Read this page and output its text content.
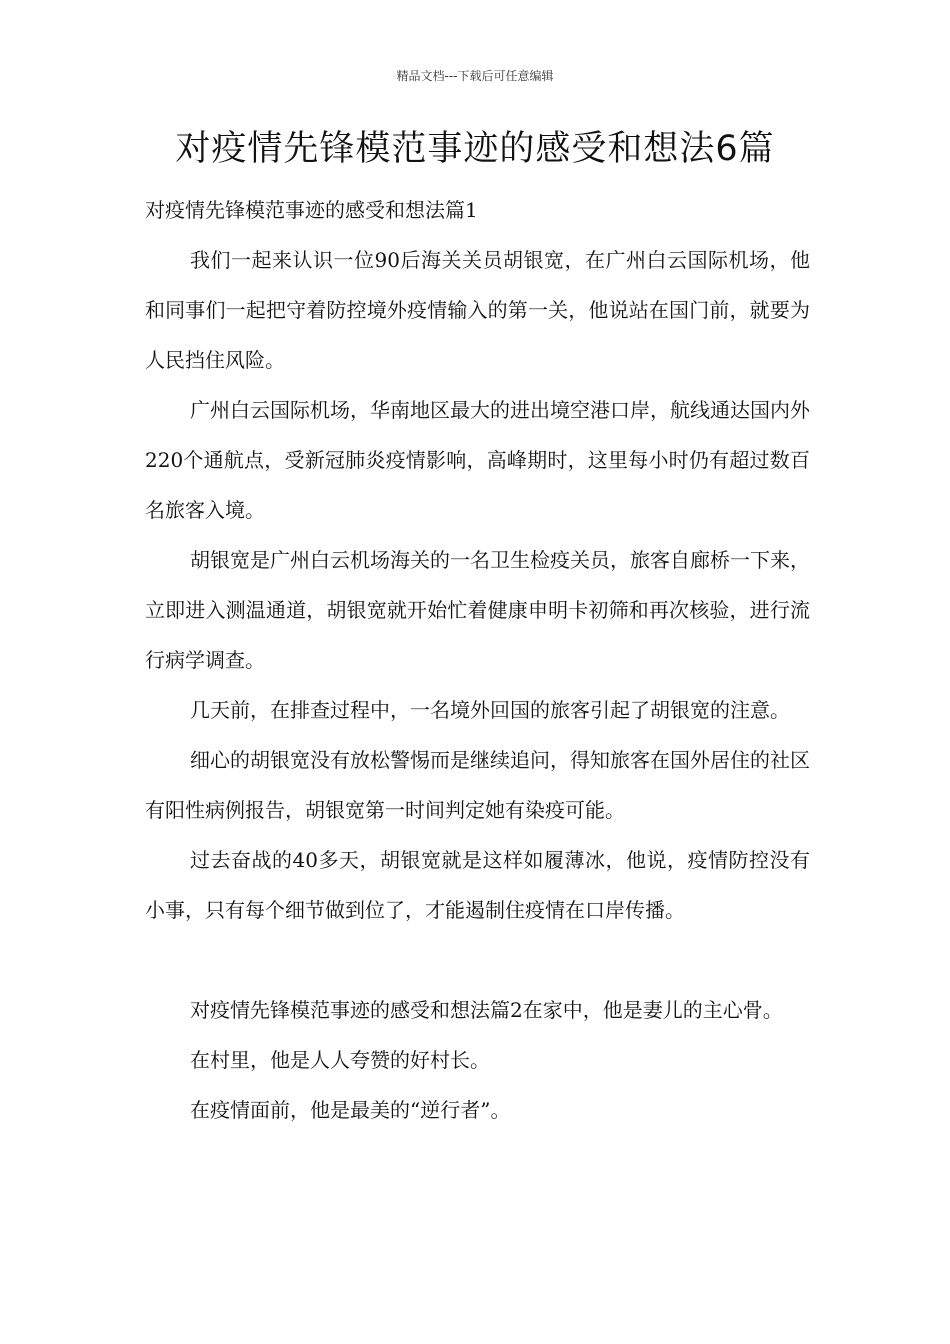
精品文档---下载后可任意编辑
对疫情先锋模范事迹的感受和想法6篇

对疫情先锋模范事迹的感受和想法篇1

我们一起来认识一位90后海关关员胡银宽，在广州白云国际机场，他和同事们一起把守着防控境外疫情输入的第一关，他说站在国门前，就要为人民挡住风险。

广州白云国际机场，华南地区最大的进出境空港口岸，航线通达国内外220个通航点，受新冠肺炎疫情影响，高峰期时，这里每小时仍有超过数百名旅客入境。

胡银宽是广州白云机场海关的一名卫生检疫关员，旅客自廊桥一下来，立即进入测温通道，胡银宽就开始忙着健康申明卡初筛和再次核验，进行流行病学调查。

几天前，在排查过程中，一名境外回国的旅客引起了胡银宽的注意。

细心的胡银宽没有放松警惕而是继续追问，得知旅客在国外居住的社区有阳性病例报告，胡银宽第一时间判定她有染疫可能。

过去奋战的40多天，胡银宽就是这样如履薄冰，他说，疫情防控没有小事，只有每个细节做到位了，才能遏制住疫情在口岸传播。

对疫情先锋模范事迹的感受和想法篇2在家中，他是妻儿的主心骨。

在村里，他是人人夸赞的好村长。

在疫情面前，他是最美的“逆行者”。
